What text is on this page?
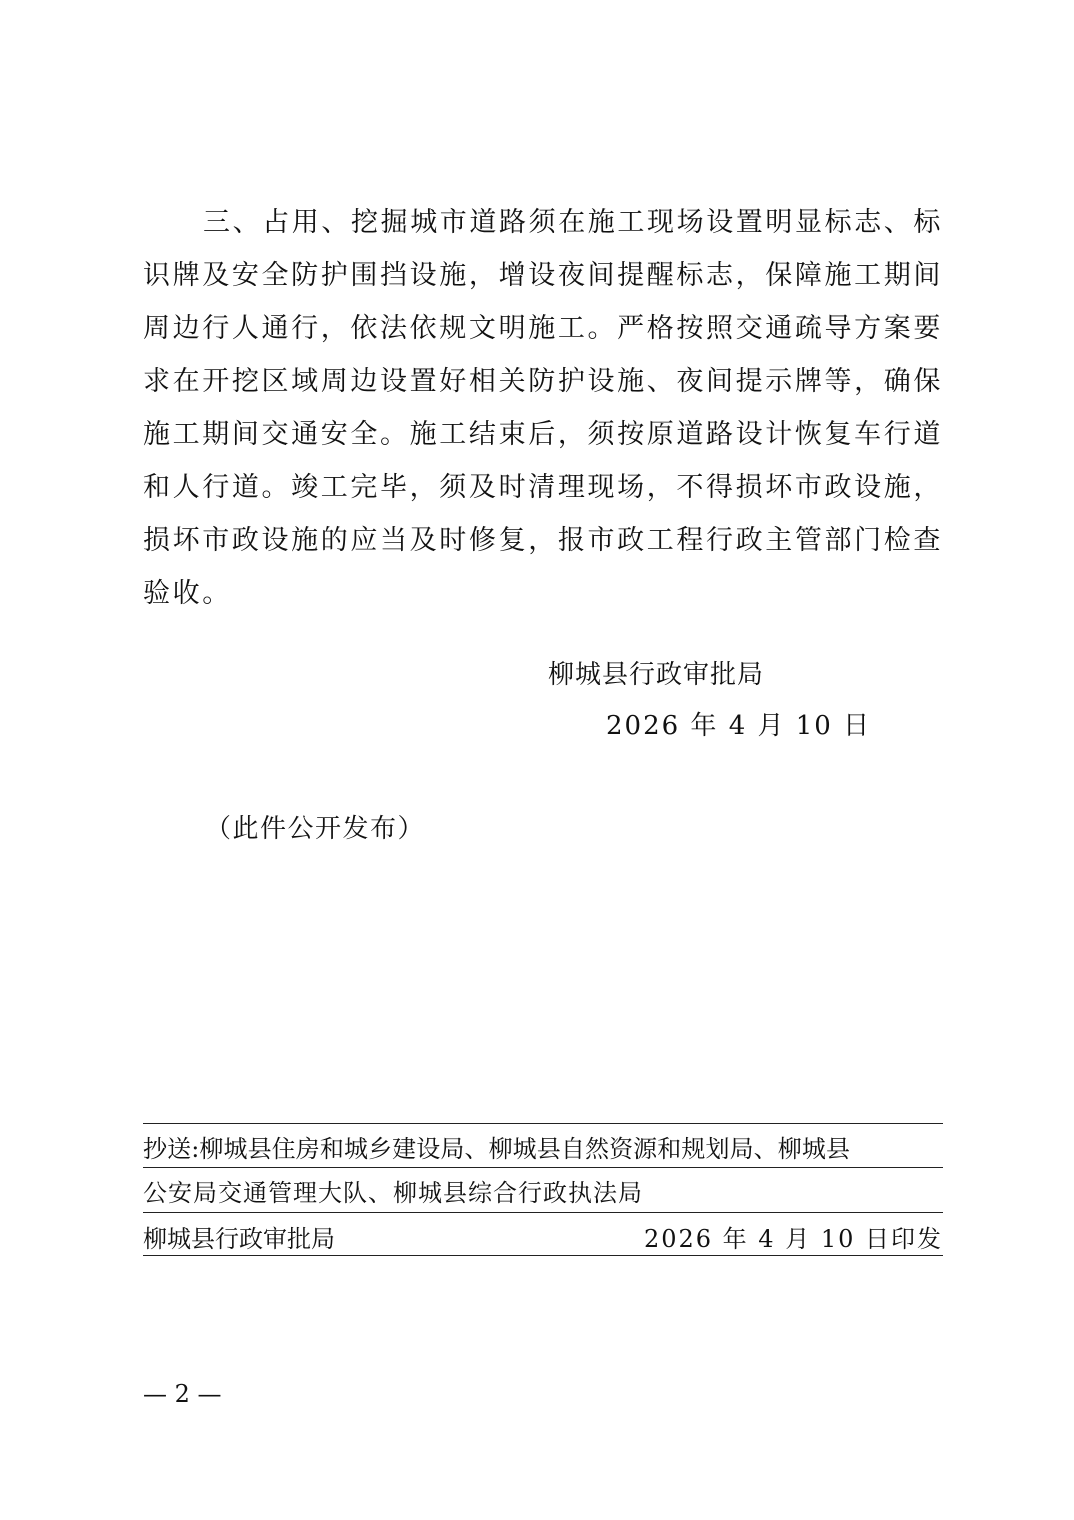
三、占用、挖掘城市道路须在施工现场设置明显标志、标识牌及安全防护围挡设施，增设夜间提醒标志，保障施工期间周边行人通行，依法依规文明施工。严格按照交通疏导方案要求在开挖区域周边设置好相关防护设施、夜间提示牌等，确保施工期间交通安全。施工结束后，须按原道路设计恢复车行道和人行道。竣工完毕，须及时清理现场，不得损坏市政设施，损坏市政设施的应当及时修复，报市政工程行政主管部门检查验收。

柳城县行政审批局
2026 年 4 月 10 日
（此件公开发布）
抄送:柳城县住房和城乡建设局、柳城县自然资源和规划局、柳城县
公安局交通管理大队、柳城县综合行政执法局
柳城县行政审批局	2026 年 4 月 10 日印发
— 2 —
